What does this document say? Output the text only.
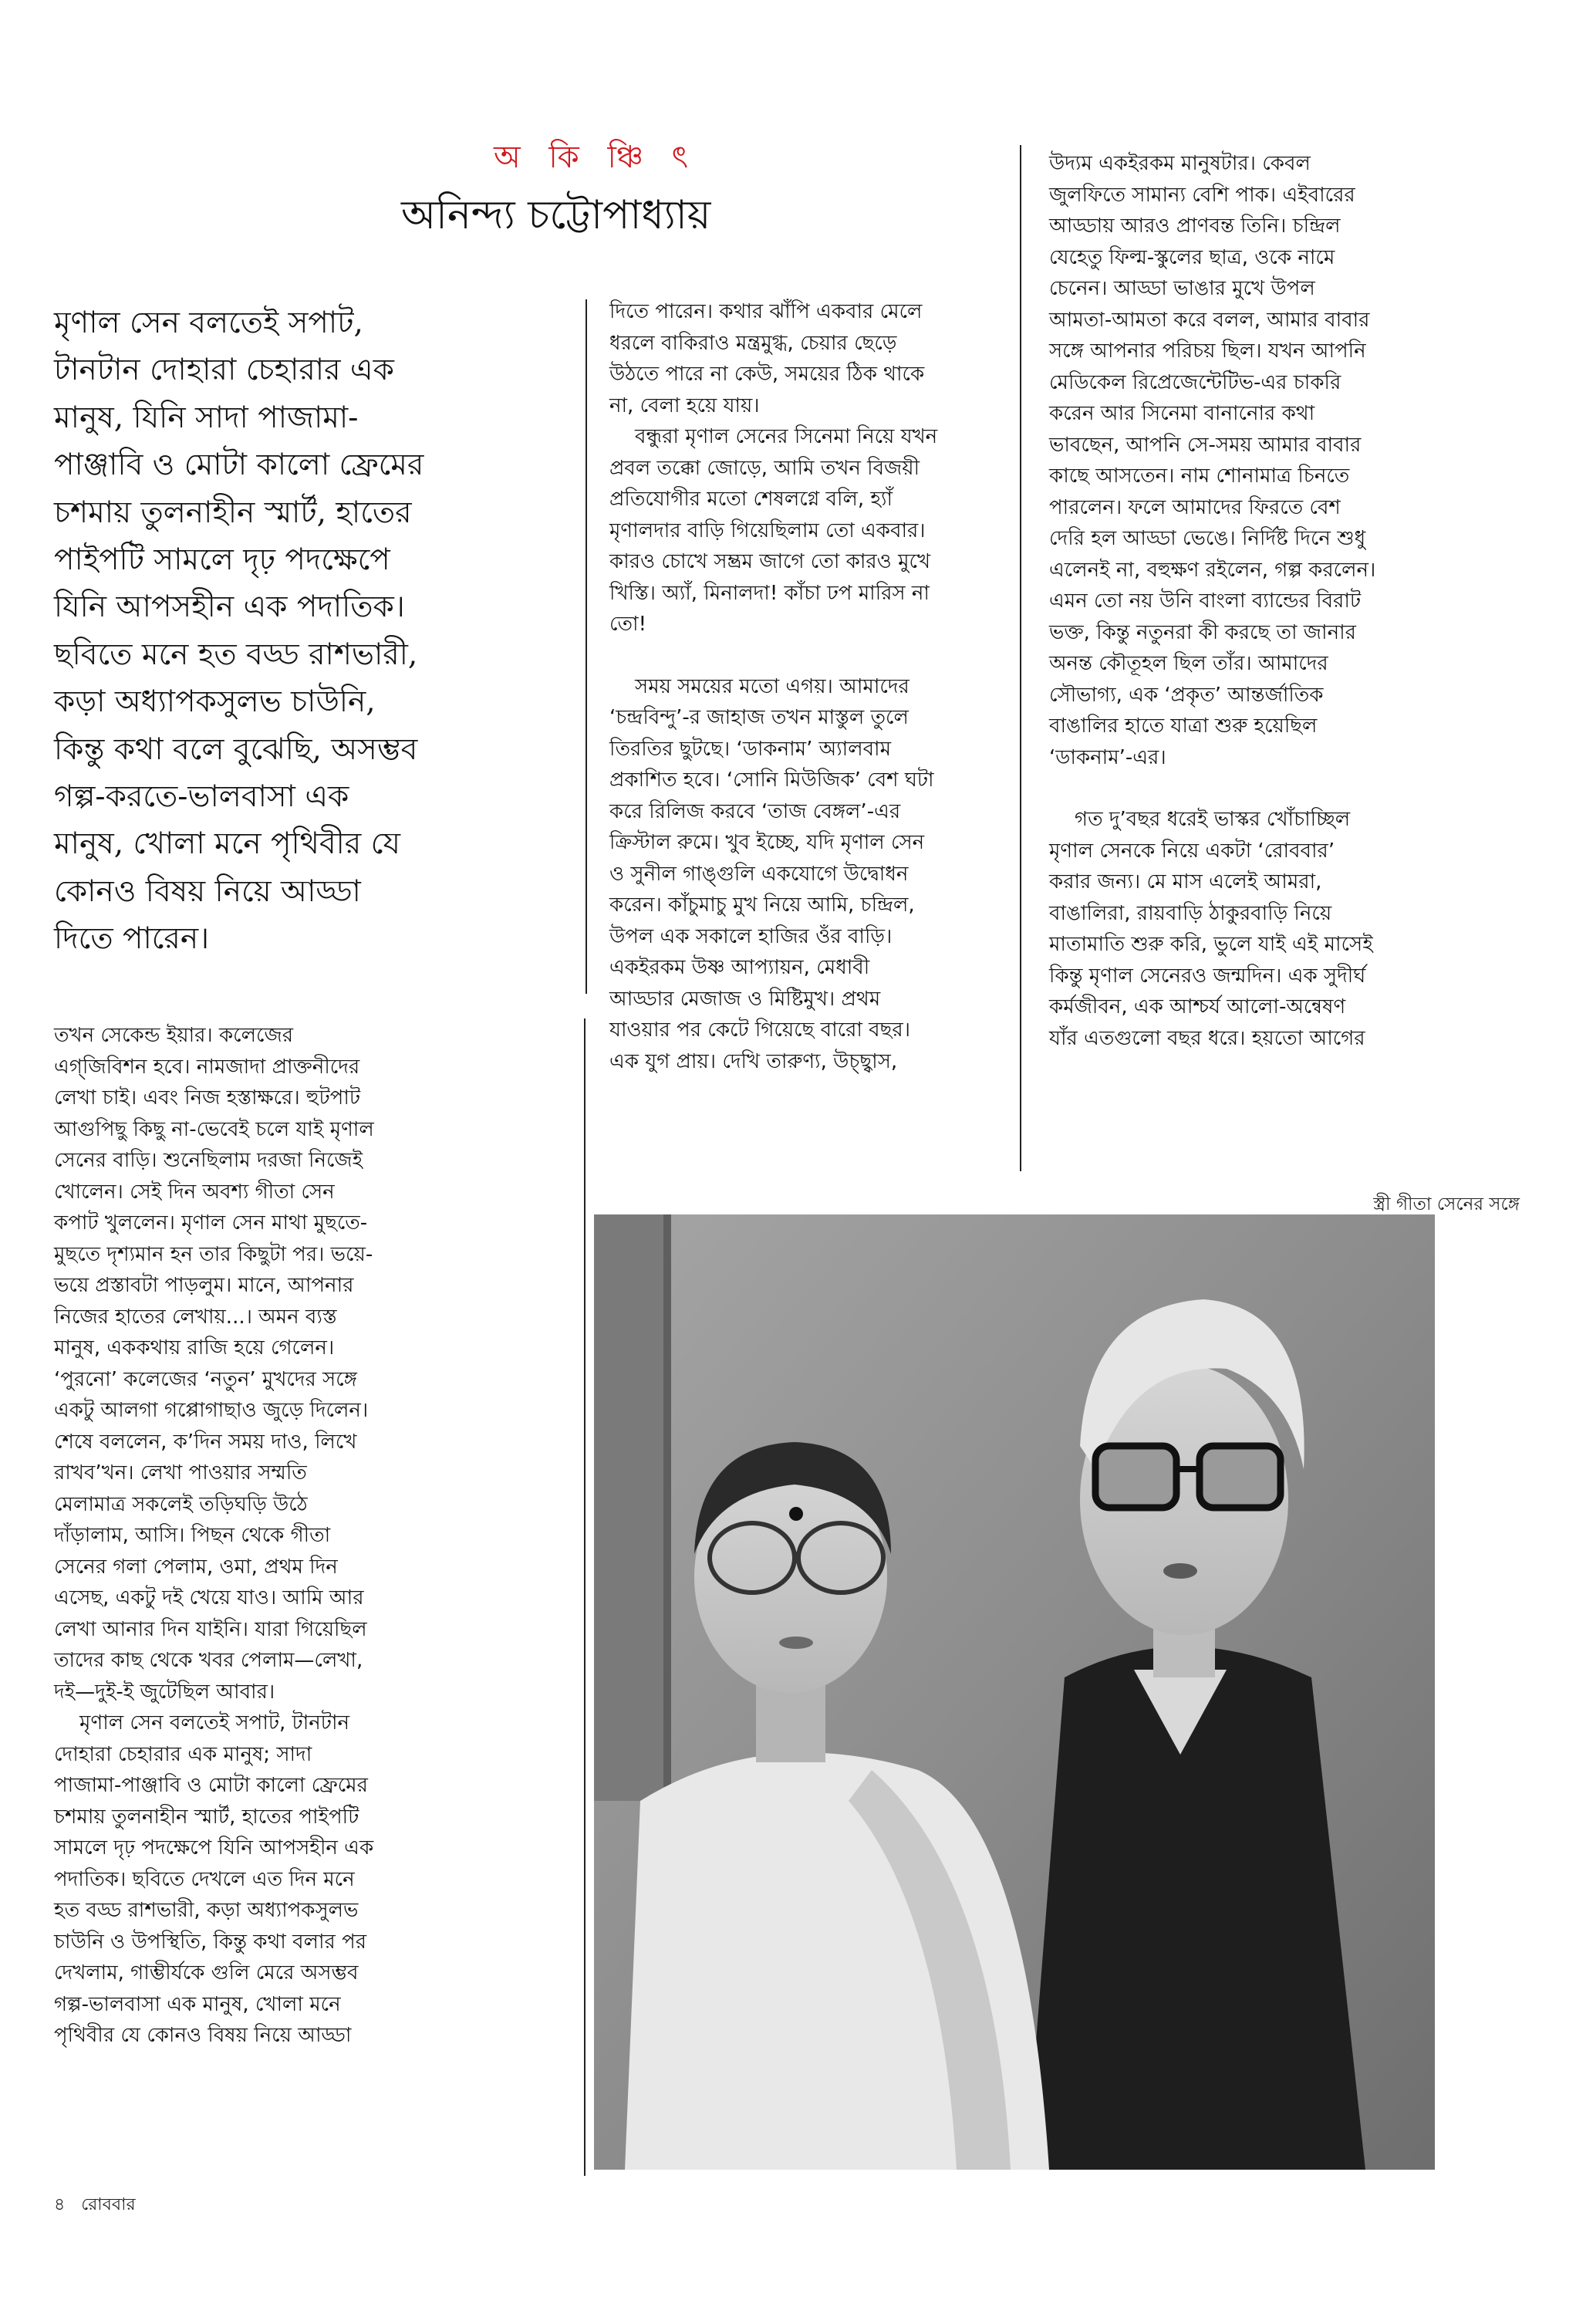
অ কি ঞ্চি ৎ
অনিন্দ্য চট্টোপাধ্যায়
মৃণাল সেন বলতেই সপাট,
টানটান দোহারা চেহারার এক
মানুষ, যিনি সাদা পাজামা-
পাঞ্জাবি ও মোটা কালো ফ্রেমের
চশমায় তুলনাহীন স্মার্ট, হাতের
পাইপটি সামলে দৃঢ় পদক্ষেপে
যিনি আপসহীন এক পদাতিক।
ছবিতে মনে হত বড্ড রাশভারী,
কড়া অধ্যাপকসুলভ চাউনি,
কিন্তু কথা বলে বুঝেছি, অসম্ভব
গল্প-করতে-ভালবাসা এক
মানুষ, খোলা মনে পৃথিবীর যে
কোনও বিষয় নিয়ে আড্ডা
দিতে পারেন।
তখন সেকেন্ড ইয়ার। কলেজের
এগ্‌জিবিশন হবে। নামজাদা প্রাক্তনীদের
লেখা চাই। এবং নিজ হস্তাক্ষরে। হুটপাট
আগুপিছু কিছু না-ভেবেই চলে যাই মৃণাল
সেনের বাড়ি। শুনেছিলাম দরজা নিজেই
খোলেন। সেই দিন অবশ্য গীতা সেন
কপাট খুললেন। মৃণাল সেন মাথা মুছতে-
মুছতে দৃশ্যমান হন তার কিছুটা পর। ভয়ে-
ভয়ে প্রস্তাবটা পাড়লুম। মানে, আপনার
নিজের হাতের লেখায়...। অমন ব্যস্ত
মানুষ, এককথায় রাজি হয়ে গেলেন।
‘পুরনো’ কলেজের ‘নতুন’ মুখদের সঙ্গে
একটু আলগা গপ্পোগাছাও জুড়ে দিলেন।
শেষে বললেন, ক’দিন সময় দাও, লিখে
রাখব’খন। লেখা পাওয়ার সম্মতি
মেলামাত্র সকলেই তড়িঘড়ি উঠে
দাঁড়ালাম, আসি। পিছন থেকে গীতা
সেনের গলা পেলাম, ওমা, প্রথম দিন
এসেছ, একটু দই খেয়ে যাও। আমি আর
লেখা আনার দিন যাইনি। যারা গিয়েছিল
তাদের কাছ থেকে খবর পেলাম—লেখা,
দই—দুই-ই জুটেছিল আবার।
মৃণাল সেন বলতেই সপাট, টানটান
দোহারা চেহারার এক মানুষ; সাদা
পাজামা-পাঞ্জাবি ও মোটা কালো ফ্রেমের
চশমায় তুলনাহীন স্মার্ট, হাতের পাইপটি
সামলে দৃঢ় পদক্ষেপে যিনি আপসহীন এক
পদাতিক। ছবিতে দেখলে এত দিন মনে
হত বড্ড রাশভারী, কড়া অধ্যাপকসুলভ
চাউনি ও উপস্থিতি, কিন্তু কথা বলার পর
দেখলাম, গাম্ভীর্যকে গুলি মেরে অসম্ভব
গল্প-ভালবাসা এক মানুষ, খোলা মনে
পৃথিবীর যে কোনও বিষয় নিয়ে আড্ডা
দিতে পারেন। কথার ঝাঁপি একবার মেলে
ধরলে বাকিরাও মন্ত্রমুগ্ধ, চেয়ার ছেড়ে
উঠতে পারে না কেউ, সময়ের ঠিক থাকে
না, বেলা হয়ে যায়।
বন্ধুরা মৃণাল সেনের সিনেমা নিয়ে যখন
প্রবল তক্কো জোড়ে, আমি তখন বিজয়ী
প্রতিযোগীর মতো শেষলগ্নে বলি, হ্যাঁ
মৃণালদার বাড়ি গিয়েছিলাম তো একবার।
কারও চোখে সম্ভ্রম জাগে তো কারও মুখে
খিস্তি। অ্যাঁ, মিনালদা! কাঁচা ঢপ মারিস না
তো!
সময় সময়ের মতো এগয়। আমাদের
‘চন্দ্রবিন্দু’-র জাহাজ তখন মাস্তুল তুলে
তিরতির ছুটছে। ‘ডাকনাম’ অ্যালবাম
প্রকাশিত হবে। ‘সোনি মিউজিক’ বেশ ঘটা
করে রিলিজ করবে ‘তাজ বেঙ্গল’-এর
ক্রিস্টাল রুমে। খুব ইচ্ছে, যদি মৃণাল সেন
ও সুনীল গাঙ্গুলি একযোগে উদ্বোধন
করেন। কাঁচুমাচু মুখ নিয়ে আমি, চন্দ্রিল,
উপল এক সকালে হাজির ওঁর বাড়ি।
একইরকম উষ্ণ আপ্যায়ন, মেধাবী
আড্ডার মেজাজ ও মিষ্টিমুখ। প্রথম
যাওয়ার পর কেটে গিয়েছে বারো বছর।
এক যুগ প্রায়। দেখি তারুণ্য, উচ্ছ্বাস,
উদ্যম একইরকম মানুষটার। কেবল
জুলফিতে সামান্য বেশি পাক। এইবারের
আড্ডায় আরও প্রাণবন্ত তিনি। চন্দ্রিল
যেহেতু ফিল্ম-স্কুলের ছাত্র, ওকে নামে
চেনেন। আড্ডা ভাঙার মুখে উপল
আমতা-আমতা করে বলল, আমার বাবার
সঙ্গে আপনার পরিচয় ছিল। যখন আপনি
মেডিকেল রিপ্রেজেন্টেটিভ-এর চাকরি
করেন আর সিনেমা বানানোর কথা
ভাবছেন, আপনি সে-সময় আমার বাবার
কাছে আসতেন। নাম শোনামাত্র চিনতে
পারলেন। ফলে আমাদের ফিরতে বেশ
দেরি হল আড্ডা ভেঙে। নির্দিষ্ট দিনে শুধু
এলেনই না, বহুক্ষণ রইলেন, গল্প করলেন।
এমন তো নয় উনি বাংলা ব্যান্ডের বিরাট
ভক্ত, কিন্তু নতুনরা কী করছে তা জানার
অনন্ত কৌতূহল ছিল তাঁর। আমাদের
সৌভাগ্য, এক ‘প্রকৃত’ আন্তর্জাতিক
বাঙালির হাতে যাত্রা শুরু হয়েছিল
‘ডাকনাম’-এর।
গত দু’বছর ধরেই ভাস্কর খোঁচাচ্ছিল
মৃণাল সেনকে নিয়ে একটা ‘রোববার’
করার জন্য। মে মাস এলেই আমরা,
বাঙালিরা, রায়বাড়ি ঠাকুরবাড়ি নিয়ে
মাতামাতি শুরু করি, ভুলে যাই এই মাসেই
কিন্তু মৃণাল সেনেরও জন্মদিন। এক সুদীর্ঘ
কর্মজীবন, এক আশ্চর্য আলো-অন্বেষণ
যাঁর এতগুলো বছর ধরে। হয়তো আগের
স্ত্রী গীতা সেনের সঙ্গে
৪ রোববার
